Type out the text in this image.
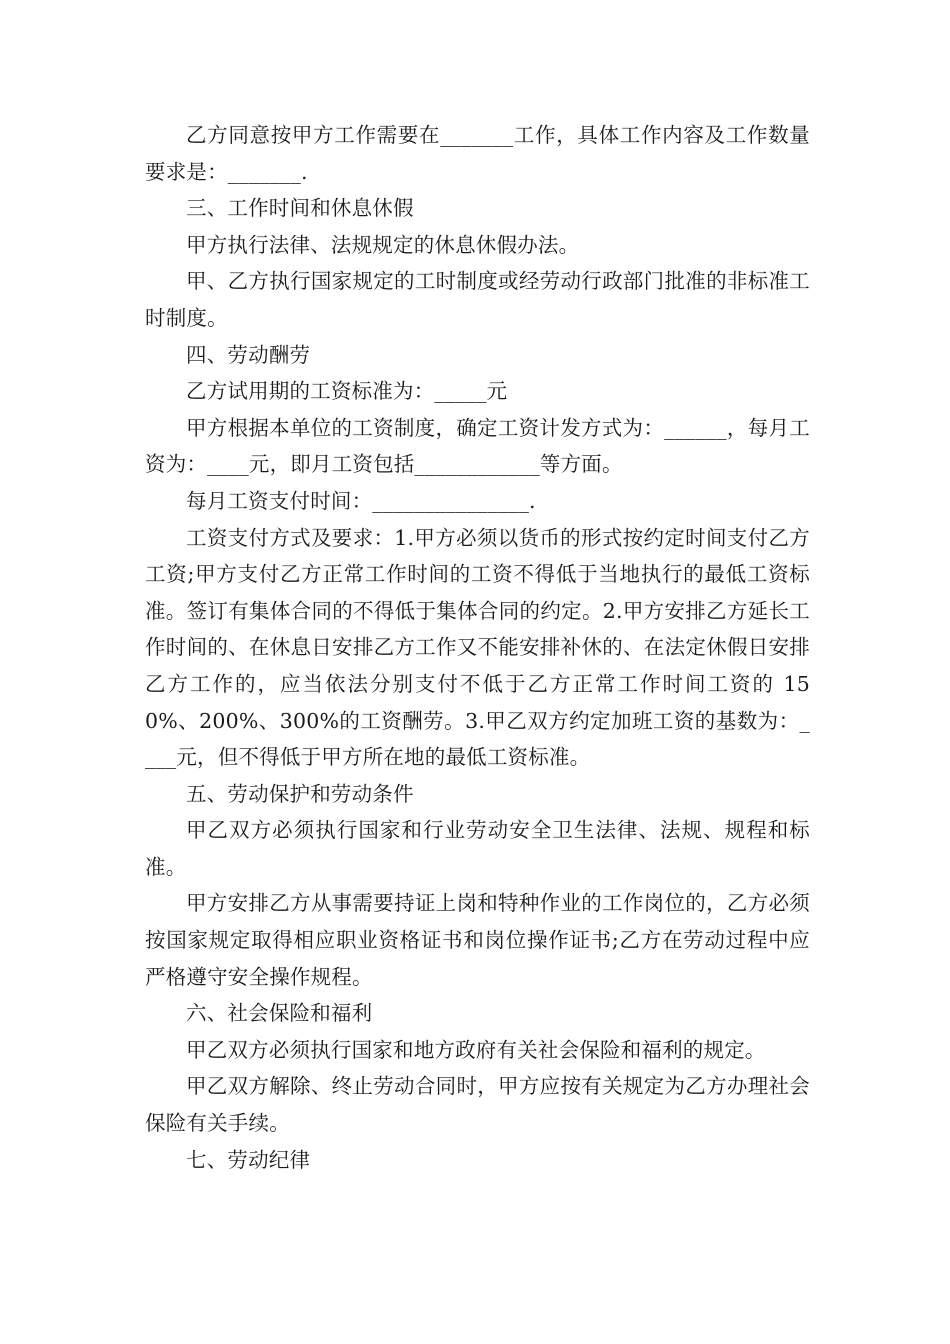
乙方同意按甲方工作需要在_______工作，具体工作内容及工作数量要求是：_______.

三、工作时间和休息休假

甲方执行法律、法规规定的休息休假办法。

甲、乙方执行国家规定的工时制度或经劳动行政部门批准的非标准工时制度。

四、劳动酬劳

乙方试用期的工资标准为：_____元

甲方根据本单位的工资制度，确定工资计发方式为：______，每月工资为：____元，即月工资包括____________等方面。

每月工资支付时间：_______________.

工资支付方式及要求：1.甲方必须以货币的形式按约定时间支付乙方工资;甲方支付乙方正常工作时间的工资不得低于当地执行的最低工资标准。签订有集体合同的不得低于集体合同的约定。2.甲方安排乙方延长工作时间的、在休息日安排乙方工作又不能安排补休的、在法定休假日安排乙方工作的，应当依法分别支付不低于乙方正常工作时间工资的 150%、200%、300%的工资酬劳。3.甲乙双方约定加班工资的基数为：____元，但不得低于甲方所在地的最低工资标准。

五、劳动保护和劳动条件

甲乙双方必须执行国家和行业劳动安全卫生法律、法规、规程和标准。

甲方安排乙方从事需要持证上岗和特种作业的工作岗位的，乙方必须按国家规定取得相应职业资格证书和岗位操作证书;乙方在劳动过程中应严格遵守安全操作规程。

六、社会保险和福利

甲乙双方必须执行国家和地方政府有关社会保险和福利的规定。

甲乙双方解除、终止劳动合同时，甲方应按有关规定为乙方办理社会保险有关手续。

七、劳动纪律
